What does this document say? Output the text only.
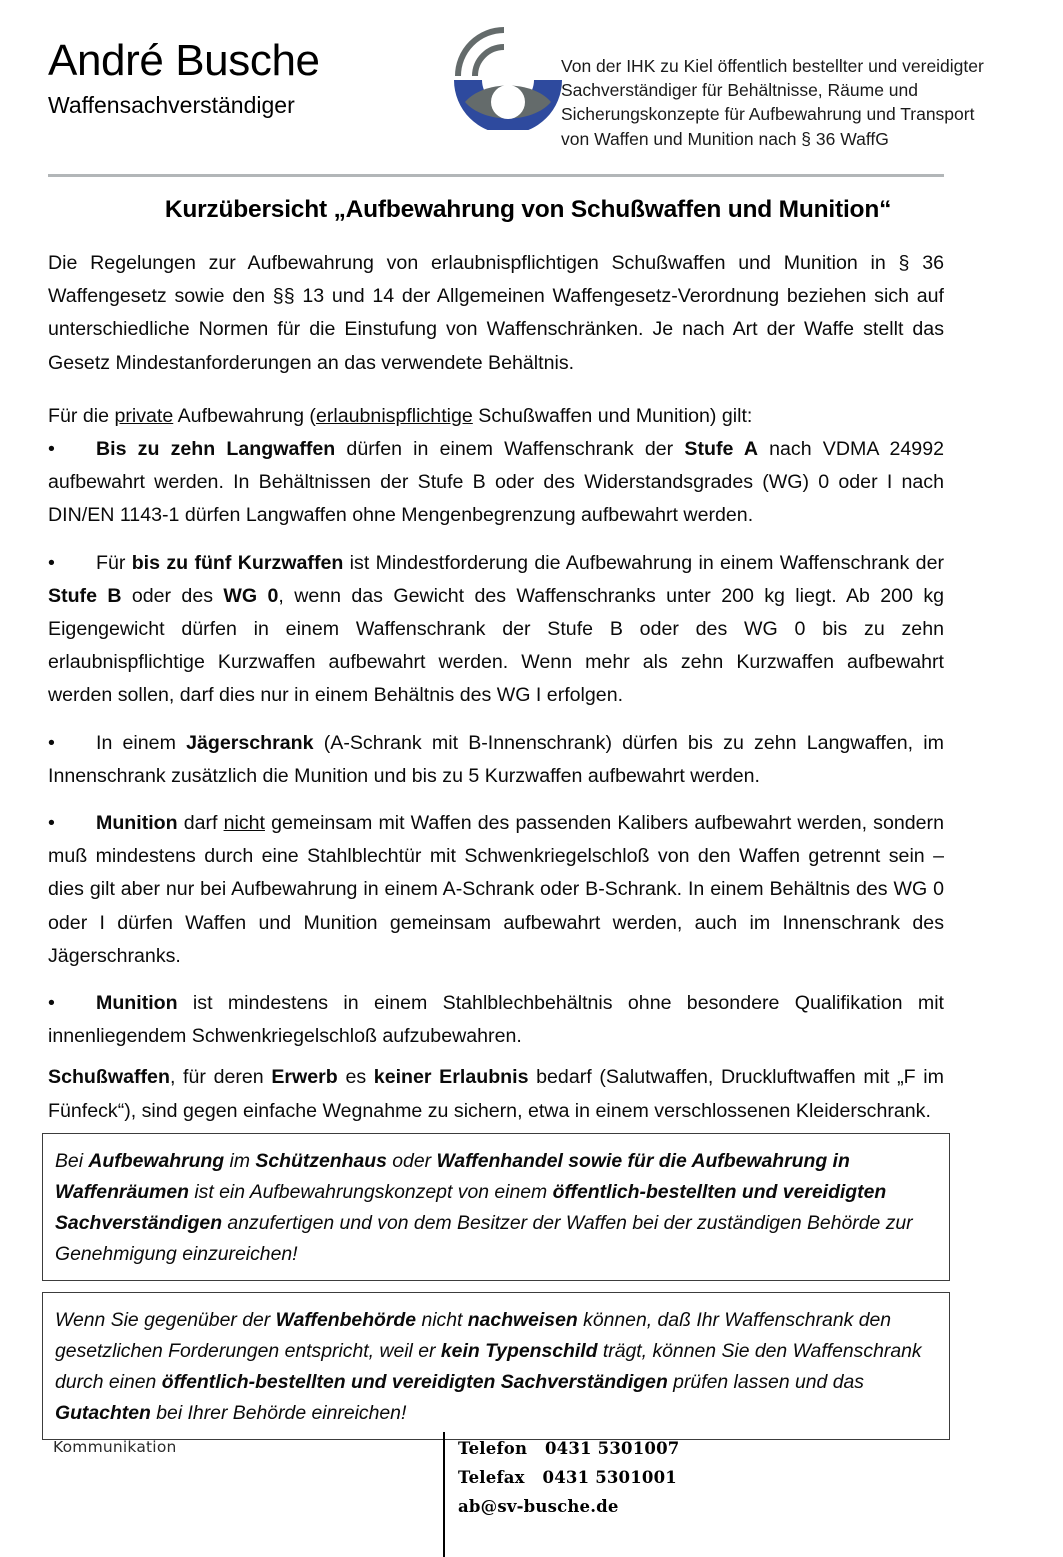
André Busche
Waffensachverständiger
Von der IHK zu Kiel öffentlich bestellter und vereidigter Sachverständiger für Behältnisse, Räume und Sicherungskonzepte für Aufbewahrung und Transport von Waffen und Munition nach § 36 WaffG
Kurzübersicht „Aufbewahrung von Schußwaffen und Munition“

Die Regelungen zur Aufbewahrung von erlaubnispflichtigen Schußwaffen und Munition in § 36 Waffengesetz sowie den §§ 13 und 14 der Allgemeinen Waffengesetz-Verordnung beziehen sich auf unterschiedliche Normen für die Einstufung von Waffenschränken. Je nach Art der Waffe stellt das Gesetz Mindestanforderungen an das verwendete Behältnis.

Für die private Aufbewahrung (erlaubnispflichtige Schußwaffen und Munition) gilt:

•	Bis zu zehn Langwaffen dürfen in einem Waffenschrank der Stufe A nach VDMA 24992 aufbewahrt werden. In Behältnissen der Stufe B oder des Widerstandsgrades (WG) 0 oder I nach DIN/EN 1143-1 dürfen Langwaffen ohne Mengenbegrenzung aufbewahrt werden.
•	Für bis zu fünf Kurzwaffen ist Mindestforderung die Aufbewahrung in einem Waffenschrank der Stufe B oder des WG 0, wenn das Gewicht des Waffenschranks unter 200 kg liegt. Ab 200 kg Eigengewicht dürfen in einem Waffenschrank der Stufe B oder des WG 0 bis zu zehn erlaubnispflichtige Kurzwaffen aufbewahrt werden. Wenn mehr als zehn Kurzwaffen aufbewahrt werden sollen, darf dies nur in einem Behältnis des WG I erfolgen.
•	In einem Jägerschrank (A-Schrank mit B-Innenschrank) dürfen bis zu zehn Langwaffen, im Innenschrank zusätzlich die Munition und bis zu 5 Kurzwaffen aufbewahrt werden.
•	Munition darf nicht gemeinsam mit Waffen des passenden Kalibers aufbewahrt werden, sondern muß mindestens durch eine Stahlblechtür mit Schwenkriegelschloß von den Waffen getrennt sein – dies gilt aber nur bei Aufbewahrung in einem A-Schrank oder B-Schrank. In einem Behältnis des WG 0 oder I dürfen Waffen und Munition gemeinsam aufbewahrt werden, auch im Innenschrank des Jägerschranks.
•	Munition ist mindestens in einem Stahlblechbehältnis ohne besondere Qualifikation mit innenliegendem Schwenkriegelschloß aufzubewahren.

Schußwaffen, für deren Erwerb es keiner Erlaubnis bedarf (Salutwaffen, Druckluftwaffen mit „F im Fünfeck“), sind gegen einfache Wegnahme zu sichern, etwa in einem verschlossenen Kleiderschrank.

Bei Aufbewahrung im Schützenhaus oder Waffenhandel sowie für die Aufbewahrung in Waffenräumen ist ein Aufbewahrungskonzept von einem öffentlich-bestellten und vereidigten Sachverständigen anzufertigen und von dem Besitzer der Waffen bei der zuständigen Behörde zur Genehmigung einzureichen!

Wenn Sie gegenüber der Waffenbehörde nicht nachweisen können, daß Ihr Waffenschrank den gesetzlichen Forderungen entspricht, weil er kein Typenschild trägt, können Sie den Waffenschrank durch einen öffentlich-bestellten und vereidigten Sachverständigen prüfen lassen und das Gutachten bei Ihrer Behörde einreichen!

Kommunikation	Telefon 0431 5301007
Telefax 0431 5301001
ab@sv-busche.de
